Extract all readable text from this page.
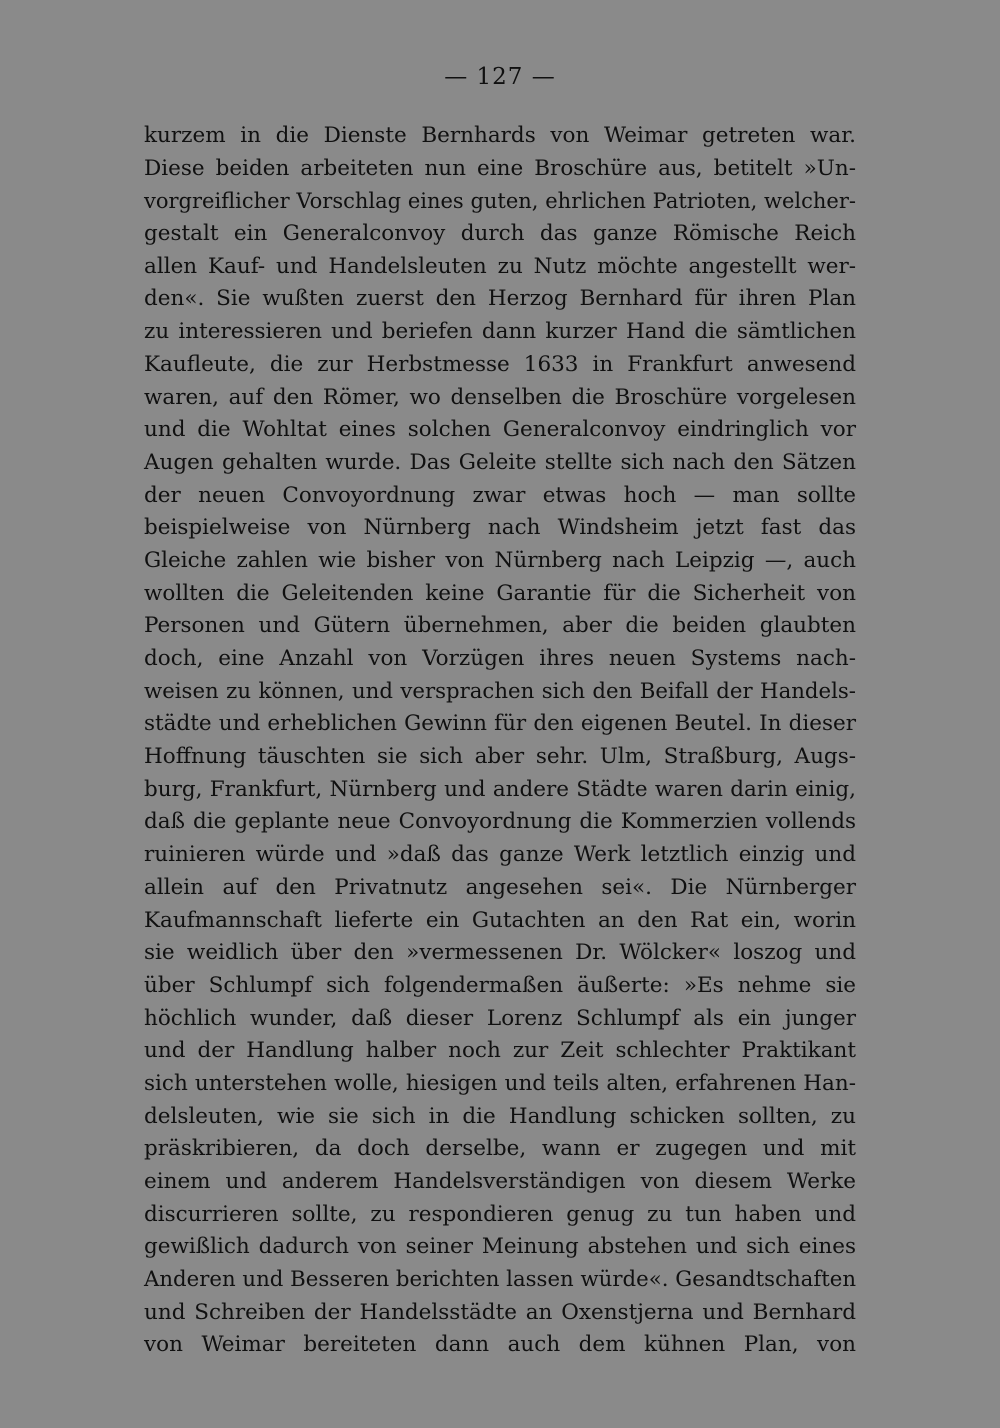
— 127 —
kurzem in die Dienste Bernhards von Weimar getreten war.
Diese beiden arbeiteten nun eine Broschüre aus, betitelt »Un-
vorgreiflicher Vorschlag eines guten, ehrlichen Patrioten, welcher-
gestalt ein Generalconvoy durch das ganze Römische Reich
allen Kauf- und Handelsleuten zu Nutz möchte angestellt wer-
den«. Sie wußten zuerst den Herzog Bernhard für ihren Plan
zu interessieren und beriefen dann kurzer Hand die sämtlichen
Kaufleute, die zur Herbstmesse 1633 in Frankfurt anwesend
waren, auf den Römer, wo denselben die Broschüre vorgelesen
und die Wohltat eines solchen Generalconvoy eindringlich vor
Augen gehalten wurde. Das Geleite stellte sich nach den Sätzen
der neuen Convoyordnung zwar etwas hoch — man sollte
beispielweise von Nürnberg nach Windsheim jetzt fast das
Gleiche zahlen wie bisher von Nürnberg nach Leipzig —, auch
wollten die Geleitenden keine Garantie für die Sicherheit von
Personen und Gütern übernehmen, aber die beiden glaubten
doch, eine Anzahl von Vorzügen ihres neuen Systems nach-
weisen zu können, und versprachen sich den Beifall der Handels-
städte und erheblichen Gewinn für den eigenen Beutel. In dieser
Hoffnung täuschten sie sich aber sehr. Ulm, Straßburg, Augs-
burg, Frankfurt, Nürnberg und andere Städte waren darin einig,
daß die geplante neue Convoyordnung die Kommerzien vollends
ruinieren würde und »daß das ganze Werk letztlich einzig und
allein auf den Privatnutz angesehen sei«. Die Nürnberger
Kaufmannschaft lieferte ein Gutachten an den Rat ein, worin
sie weidlich über den »vermessenen Dr. Wölcker« loszog und
über Schlumpf sich folgendermaßen äußerte: »Es nehme sie
höchlich wunder, daß dieser Lorenz Schlumpf als ein junger
und der Handlung halber noch zur Zeit schlechter Praktikant
sich unterstehen wolle, hiesigen und teils alten, erfahrenen Han-
delsleuten, wie sie sich in die Handlung schicken sollten, zu
präskribieren, da doch derselbe, wann er zugegen und mit
einem und anderem Handelsverständigen von diesem Werke
discurrieren sollte, zu respondieren genug zu tun haben und
gewißlich dadurch von seiner Meinung abstehen und sich eines
Anderen und Besseren berichten lassen würde«. Gesandtschaften
und Schreiben der Handelsstädte an Oxenstjerna und Bernhard
von Weimar bereiteten dann auch dem kühnen Plan, von
